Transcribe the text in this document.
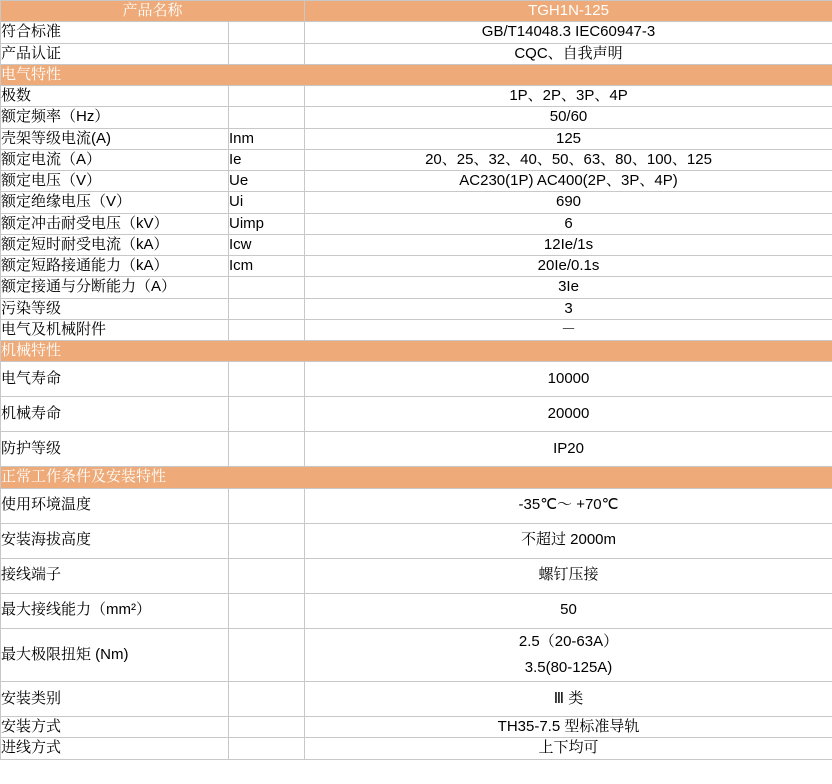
产品名称		TGH1N-125
符合标准		GB/T14048.3 IEC60947-3
产品认证		CQC、自我声明
电气特性		
极数		1P、2P、3P、4P
额定频率（Hz）		50/60
壳架等级电流(A)	Inm	125
额定电流（A）	Ie	20、25、32、40、50、63、80、100、125
额定电压（V）	Ue	AC230(1P) AC400(2P、3P、4P)
额定绝缘电压（V）	Ui	690
额定冲击耐受电压（kV）	Uimp	6
额定短时耐受电流（kA）	Icw	12Ie/1s
额定短路接通能力（kA）	Icm	20Ie/0.1s
额定接通与分断能力（A）		3Ie
污染等级		3
电气及机械附件		－
机械特性		
电气寿命		10000
机械寿命		20000
防护等级		IP20
正常工作条件及安装特性		
使用环境温度		-35℃～ +70℃
安装海拔高度		不超过 2000m
接线端子		螺钉压接
最大接线能力（mm²）		50
最大极限扭矩 (Nm)		2.5（20-63A）
3.5(80-125A)

安装类别		Ⅲ 类
安装方式		TH35-7.5 型标准导轨
进线方式		上下均可
